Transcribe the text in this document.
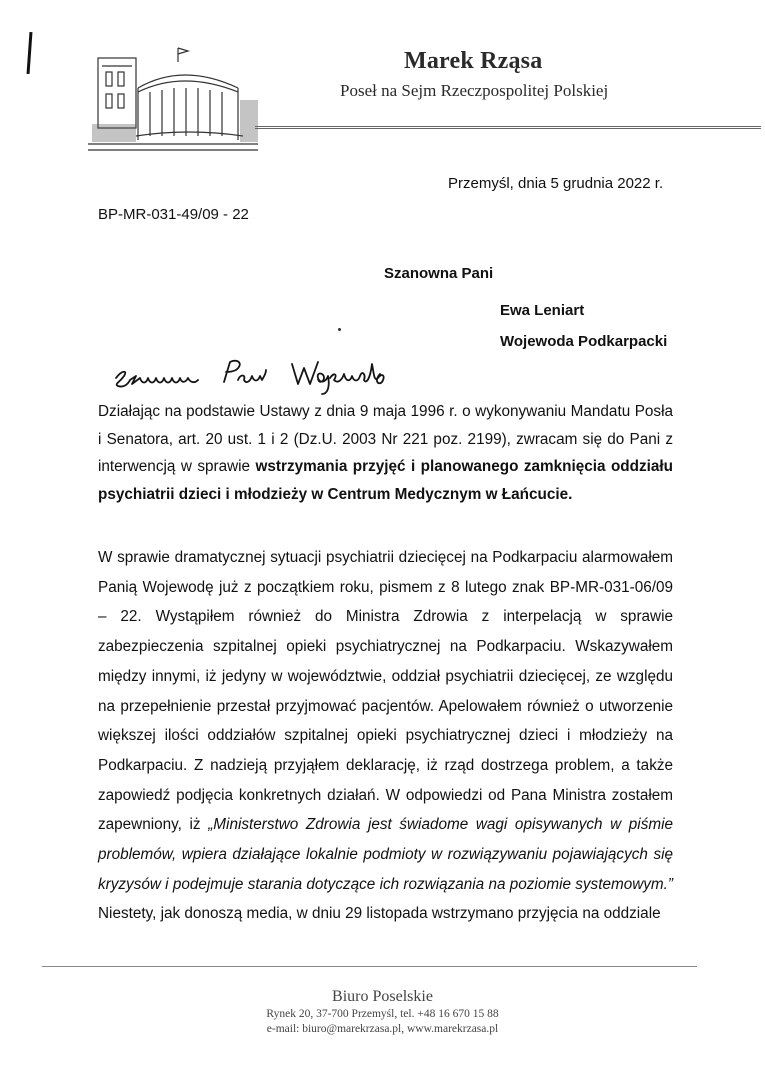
Marek Rząsa
Poseł na Sejm Rzeczpospolitej Polskiej
Przemyśl, dnia 5 grudnia 2022 r.
BP-MR-031-49/09 - 22
Szanowna Pani
Ewa Leniart
Wojewoda Podkarpacki
Działając na podstawie Ustawy z dnia 9 maja 1996 r. o wykonywaniu Mandatu Posła i Senatora, art. 20 ust. 1 i 2 (Dz.U. 2003 Nr 221 poz. 2199), zwracam się do Pani z interwencją w sprawie wstrzymania przyjęć i planowanego zamknięcia oddziału psychiatrii dzieci i młodzieży w Centrum Medycznym w Łańcucie.
W sprawie dramatycznej sytuacji psychiatrii dziecięcej na Podkarpaciu alarmowałem Panią Wojewodę już z początkiem roku, pismem z 8 lutego znak BP-MR-031-06/09 – 22. Wystąpiłem również do Ministra Zdrowia z interpelacją w sprawie zabezpieczenia szpitalnej opieki psychiatrycznej na Podkarpaciu. Wskazywałem między innymi, iż jedyny w województwie, oddział psychiatrii dziecięcej, ze względu na przepełnienie przestał przyjmować pacjentów. Apelowałem również o utworzenie większej ilości oddziałów szpitalnej opieki psychiatrycznej dzieci i młodzieży na Podkarpaciu. Z nadzieją przyjąłem deklarację, iż rząd dostrzega problem, a także zapowiedź podjęcia konkretnych działań. W odpowiedzi od Pana Ministra zostałem zapewniony, iż „Ministerstwo Zdrowia jest świadome wagi opisywanych w piśmie problemów, wpiera działające lokalnie podmioty w rozwiązywaniu pojawiających się kryzysów i podejmuje starania dotyczące ich rozwiązania na poziomie systemowym.” Niestety, jak donoszą media, w dniu 29 listopada wstrzymano przyjęcia na oddziale
Biuro Poselskie
Rynek 20, 37-700 Przemyśl, tel. +48 16 670 15 88
e-mail: biuro@marekrzasa.pl, www.marekrzasa.pl
